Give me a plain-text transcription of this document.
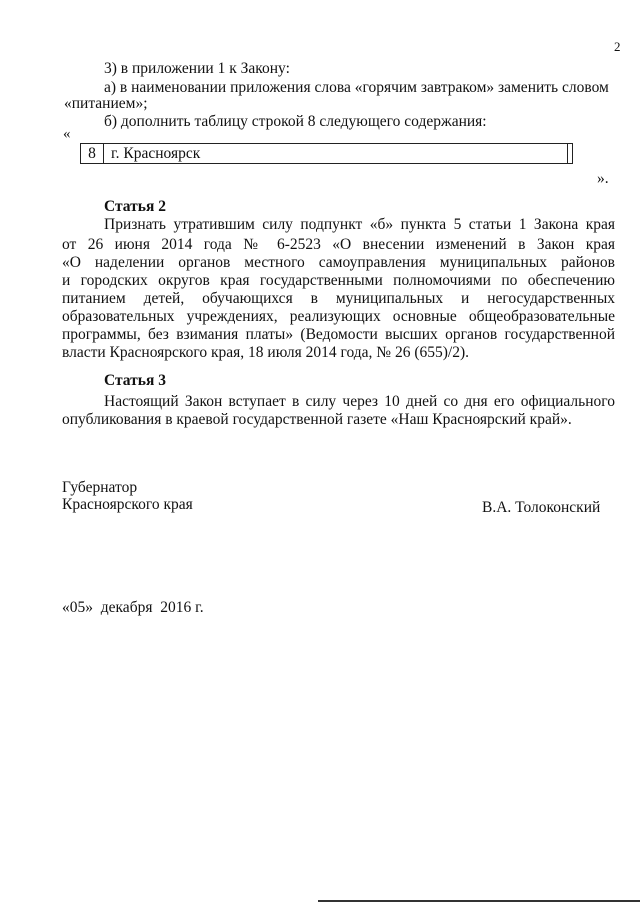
2
3) в приложении 1 к Закону:
а) в наименовании приложения слова «горячим завтраком» заменить словом
«питанием»;
б) дополнить таблицу строкой 8 следующего содержания:
«
8 г. Красноярск
».
Статья 2
Признать утратившим силу подпункт «б» пункта 5 статьи 1 Закона края
от 26 июня 2014 года № 6-2523 «О внесении изменений в Закон края
«О наделении органов местного самоуправления муниципальных районов
и городских округов края государственными полномочиями по обеспечению
питанием детей, обучающихся в муниципальных и негосударственных
образовательных учреждениях, реализующих основные общеобразовательные
программы, без взимания платы» (Ведомости высших органов государственной
власти Красноярского края, 18 июля 2014 года, № 26 (655)/2).
Статья 3
Настоящий Закон вступает в силу через 10 дней со дня его официального
опубликования в краевой государственной газете «Наш Красноярский край».
Губернатор
Красноярского края	В.А. Толоконский
«05»  декабря  2016 г.
